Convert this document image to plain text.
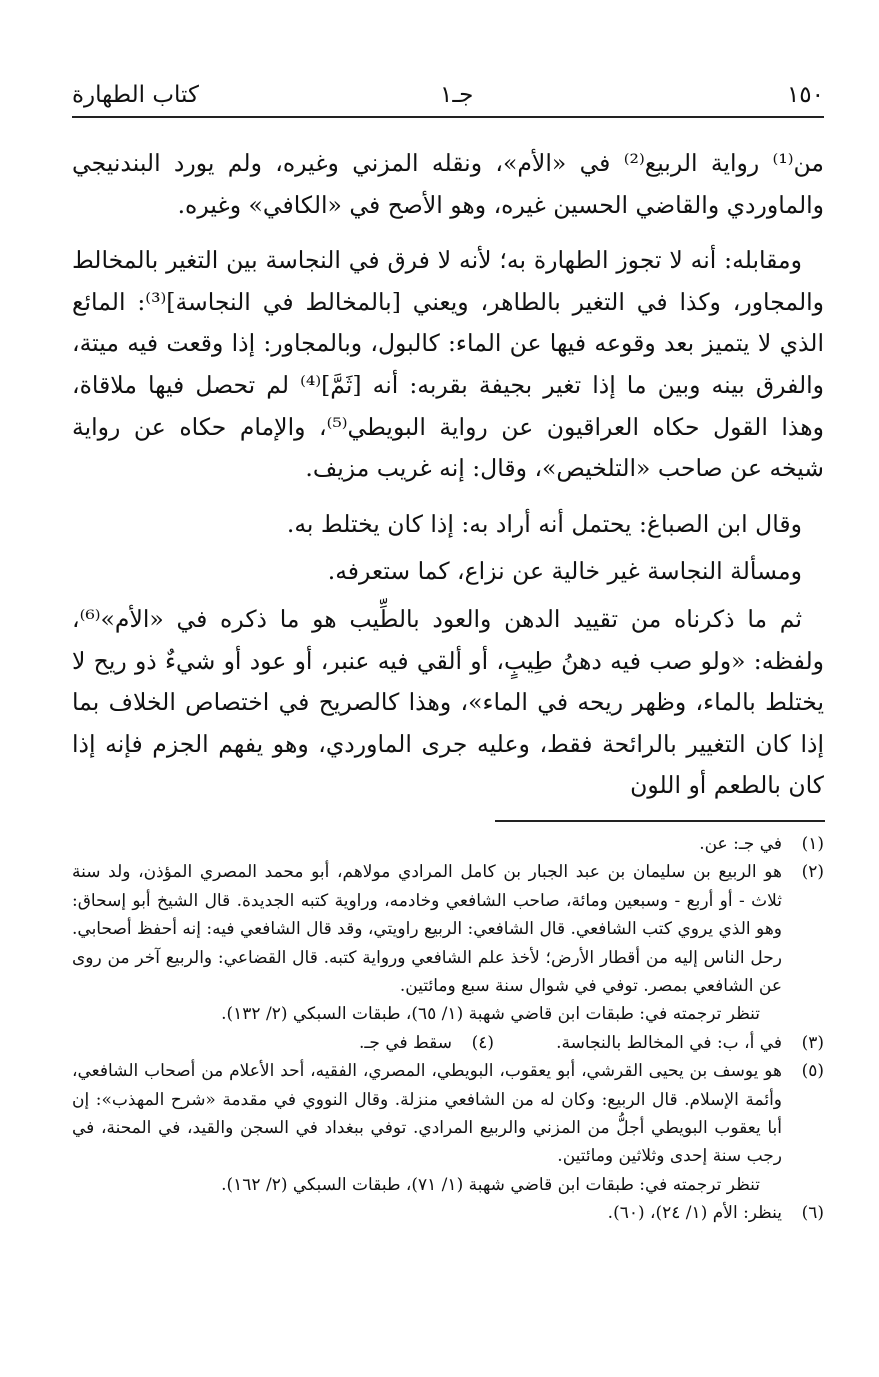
١٥٠
جـ١
كتاب الطهارة

من⁽¹⁾ رواية الربيع⁽²⁾ في «الأم»، ونقله المزني وغيره، ولم يورد البندنيجي والماوردي والقاضي الحسين غيره، وهو الأصح في «الكافي» وغيره.

ومقابله: أنه لا تجوز الطهارة به؛ لأنه لا فرق في النجاسة بين التغير بالمخالط والمجاور، وكذا في التغير بالطاهر، ويعني [بالمخالط في النجاسة]⁽³⁾: المائع الذي لا يتميز بعد وقوعه فيها عن الماء: كالبول، وبالمجاور: إذا وقعت فيه ميتة، والفرق بينه وبين ما إذا تغير بجيفة بقربه: أنه [ثَمَّ]⁽⁴⁾ لم تحصل فيها ملاقاة، وهذا القول حكاه العراقيون عن رواية البويطي⁽⁵⁾، والإمام حكاه عن رواية شيخه عن صاحب «التلخيص»، وقال: إنه غريب مزيف.

وقال ابن الصباغ: يحتمل أنه أراد به: إذا كان يختلط به.

ومسألة النجاسة غير خالية عن نزاع، كما ستعرفه.

ثم ما ذكرناه من تقييد الدهن والعود بالطِّيب هو ما ذكره في «الأم»⁽⁶⁾، ولفظه: «ولو صب فيه دهنُ طِيبٍ، أو ألقي فيه عنبر، أو عود أو شيءٌ ذو ريح لا يختلط بالماء، وظهر ريحه في الماء»، وهذا كالصريح في اختصاص الخلاف بما إذا كان التغيير بالرائحة فقط، وعليه جرى الماوردي، وهو يفهم الجزم فإنه إذا كان بالطعم أو اللون

(١)
في جـ: عن.
(٢)
هو الربيع بن سليمان بن عبد الجبار بن كامل المرادي مولاهم، أبو محمد المصري المؤذن، ولد سنة ثلاث - أو أربع - وسبعين ومائة، صاحب الشافعي وخادمه، وراوية كتبه الجديدة. قال الشيخ أبو إسحاق: وهو الذي يروي كتب الشافعي. قال الشافعي: الربيع راويتي، وقد قال الشافعي فيه: إنه أحفظ أصحابي. رحل الناس إليه من أقطار الأرض؛ لأخذ علم الشافعي ورواية كتبه. قال القضاعي: والربيع آخر من روى عن الشافعي بمصر. توفي في شوال سنة سبع ومائتين.
تنظر ترجمته في: طبقات ابن قاضي شهبة (١/ ٦٥)، طبقات السبكي (٢/ ١٣٢).
(٣)
في أ، ب: في المخالط بالنجاسة.
(٤)
سقط في جـ.
(٥)
هو يوسف بن يحيى القرشي، أبو يعقوب، البويطي، المصري، الفقيه، أحد الأعلام من أصحاب الشافعي، وأئمة الإسلام. قال الربيع: وكان له من الشافعي منزلة. وقال النووي في مقدمة «شرح المهذب»: إن أبا يعقوب البويطي أجلُّ من المزني والربيع المرادي. توفي ببغداد في السجن والقيد، في المحنة، في رجب سنة إحدى وثلاثين ومائتين.
تنظر ترجمته في: طبقات ابن قاضي شهبة (١/ ٧١)، طبقات السبكي (٢/ ١٦٢).
(٦)
ينظر: الأم (١/ ٢٤)، (٦٠).
